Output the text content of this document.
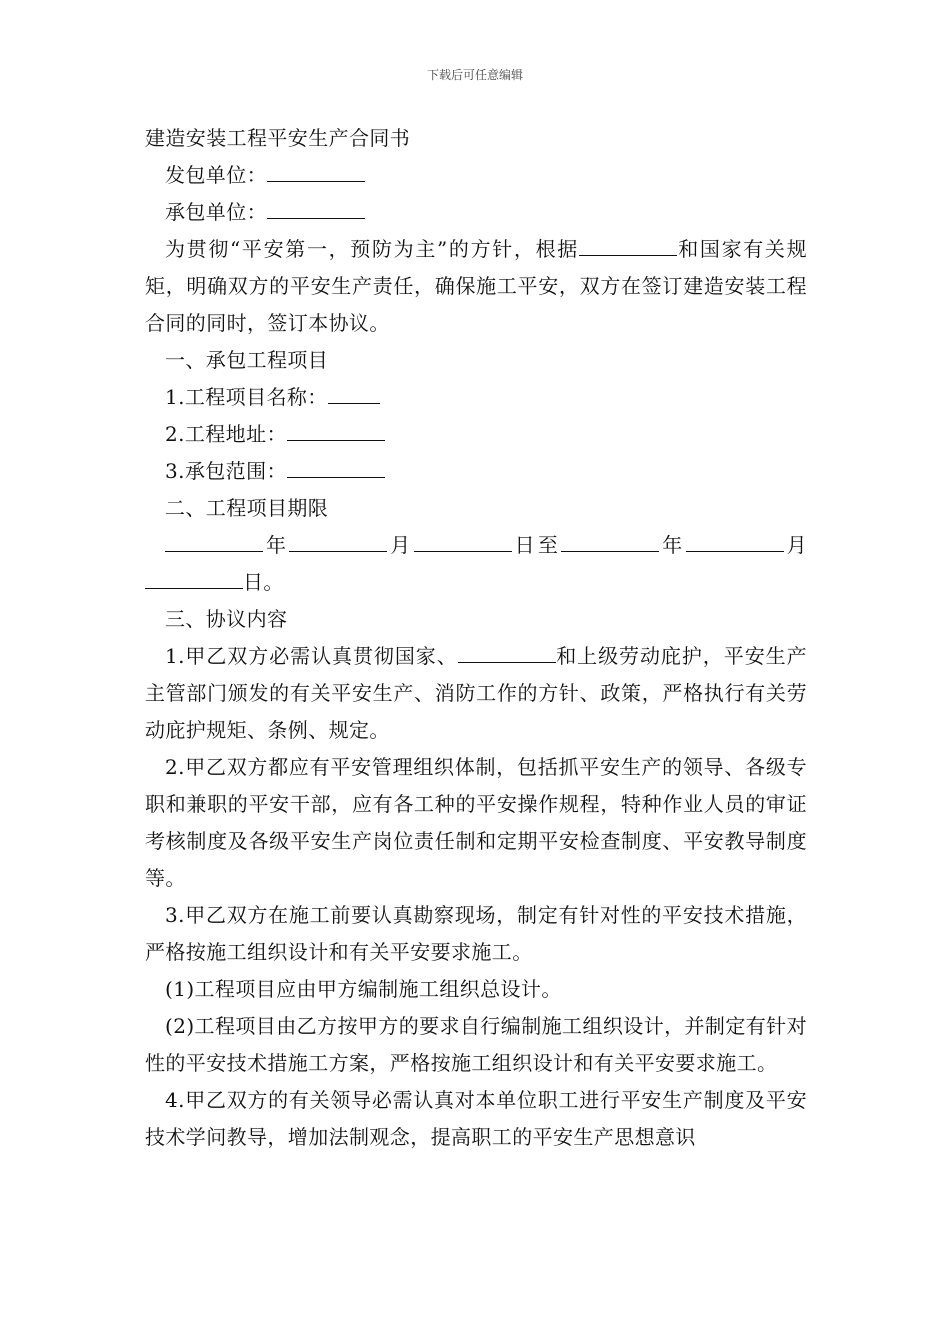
下载后可任意编辑

建造安装工程平安生产合同书

发包单位：

承包单位：

为贯彻“平安第一，预防为主”的方针，根据	和国家有关规矩，明确双方的平安生产责任，确保施工平安，双方在签订建造安装工程合同的同时，签订本协议。

一、承包工程项目

1.工程项目名称：

2.工程地址：

3.承包范围：

二、工程项目期限

年	月	日至	年	月日。

三、协议内容

1.甲乙双方必需认真贯彻国家、	和上级劳动庇护，平安生产主管部门颁发的有关平安生产、消防工作的方针、政策，严格执行有关劳动庇护规矩、条例、规定。

2.甲乙双方都应有平安管理组织体制，包括抓平安生产的领导、各级专职和兼职的平安干部，应有各工种的平安操作规程，特种作业人员的审证考核制度及各级平安生产岗位责任制和定期平安检查制度、平安教导制度等。

3.甲乙双方在施工前要认真勘察现场，制定有针对性的平安技术措施，严格按施工组织设计和有关平安要求施工。

(1)工程项目应由甲方编制施工组织总设计。

(2)工程项目由乙方按甲方的要求自行编制施工组织设计，并制定有针对性的平安技术措施工方案，严格按施工组织设计和有关平安要求施工。

4.甲乙双方的有关领导必需认真对本单位职工进行平安生产制度及平安技术学问教导，增加法制观念，提高职工的平安生产思想意识
